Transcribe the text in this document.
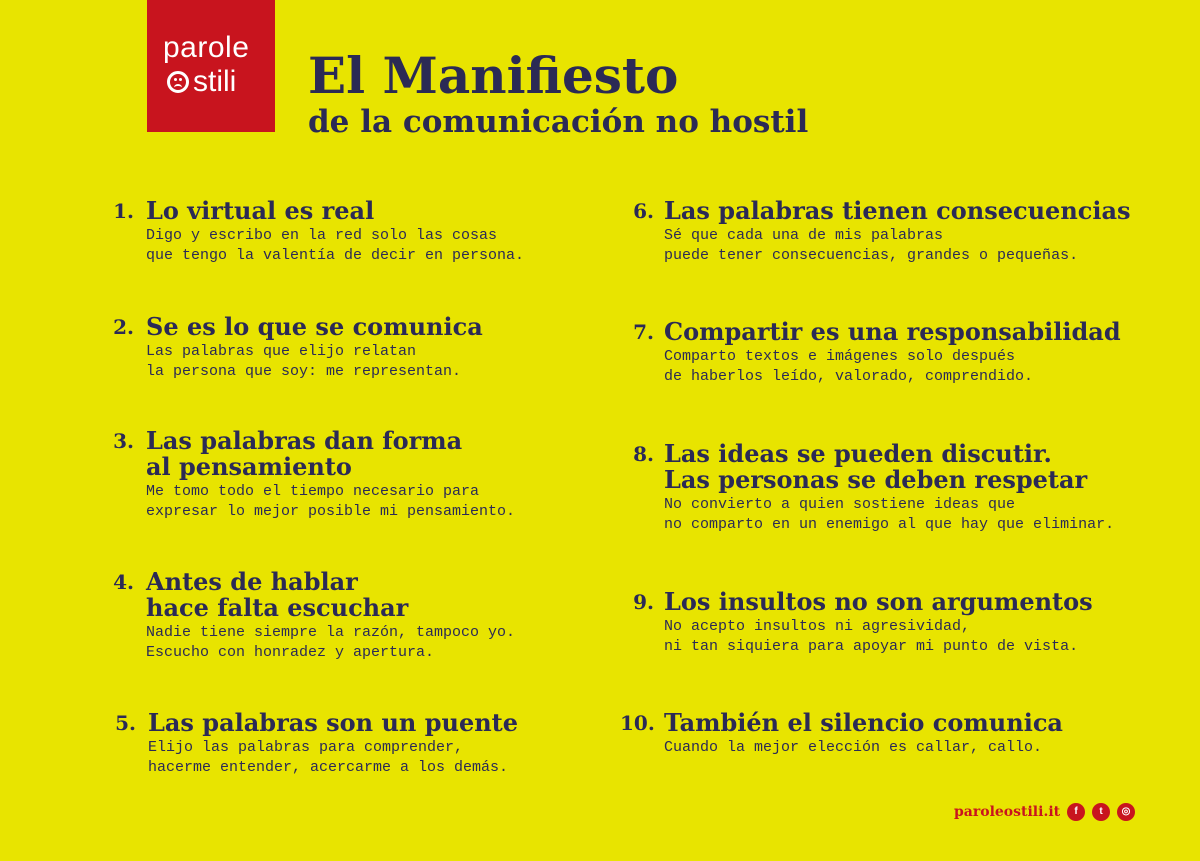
parole
stili El Manifiesto
de la comunicación no hostil
1. Lo virtual es real

Digo y escribo en la red solo las cosas
que tengo la valentía de decir en persona.

2. Se es lo que se comunica

Las palabras que elijo relatan
la persona que soy: me representan.

3. Las palabras dan forma
al pensamiento

Me tomo todo el tiempo necesario para
expresar lo mejor posible mi pensamiento.

4. Antes de hablar
hace falta escuchar

Nadie tiene siempre la razón, tampoco yo.
Escucho con honradez y apertura.

5. Las palabras son un puente

Elijo las palabras para comprender,
hacerme entender, acercarme a los demás.

6. Las palabras tienen consecuencias

Sé que cada una de mis palabras
puede tener consecuencias, grandes o pequeñas.

7. Compartir es una responsabilidad

Comparto textos e imágenes solo después
de haberlos leído, valorado, comprendido.

8. Las ideas se pueden discutir.
Las personas se deben respetar

No convierto a quien sostiene ideas que
no comparto en un enemigo al que hay que eliminar.

9. Los insultos no son argumentos

No acepto insultos ni agresividad,
ni tan siquiera para apoyar mi punto de vista.

10. También el silencio comunica

Cuando la mejor elección es callar, callo.

paroleostili.it	f	t	◎
